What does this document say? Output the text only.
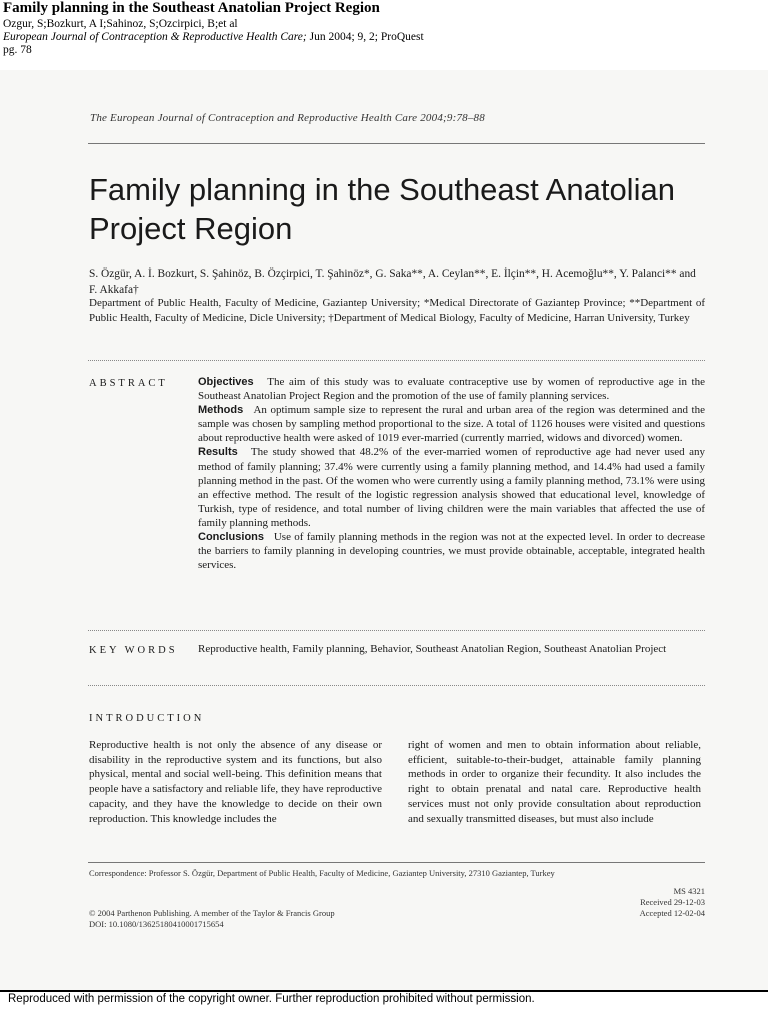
Family planning in the Southeast Anatolian Project Region
Ozgur, S;Bozkurt, A I;Sahinoz, S;Ozcirpici, B;et al
European Journal of Contraception & Reproductive Health Care; Jun 2004; 9, 2; ProQuest
pg. 78
The European Journal of Contraception and Reproductive Health Care 2004;9:78–88
Family planning in the Southeast Anatolian Project Region
S. Özgür, A. İ. Bozkurt, S. Şahinöz, B. Özçirpici, T. Şahinöz*, G. Saka**, A. Ceylan**, E. İlçin**, H. Acemoğlu**, Y. Palanci** and F. Akkafa†
Department of Public Health, Faculty of Medicine, Gaziantep University; *Medical Directorate of Gaziantep Province; **Department of Public Health, Faculty of Medicine, Dicle University; †Department of Medical Biology, Faculty of Medicine, Harran University, Turkey
ABSTRACT	Objectives The aim of this study was to evaluate contraceptive use by women of reproductive age in the Southeast Anatolian Project Region and the promotion of the use of family planning services.

Methods An optimum sample size to represent the rural and urban area of the region was determined and the sample was chosen by sampling method proportional to the size. A total of 1126 houses were visited and questions about reproductive health were asked of 1019 ever-married (currently married, widows and divorced) women.

Results The study showed that 48.2% of the ever-married women of reproductive age had never used any method of family planning; 37.4% were currently using a family planning method, and 14.4% had used a family planning method in the past. Of the women who were currently using a family planning method, 73.1% were using an effective method. The result of the logistic regression analysis showed that educational level, knowledge of Turkish, type of residence, and total number of living children were the main variables that affected the use of family planning methods.

Conclusions Use of family planning methods in the region was not at the expected level. In order to decrease the barriers to family planning in developing countries, we must provide obtainable, acceptable, integrated health services.

KEY WORDS Reproductive health, Family planning, Behavior, Southeast Anatolian Region, Southeast Anatolian Project
INTRODUCTION
Reproductive health is not only the absence of any disease or disability in the reproductive system and its functions, but also physical, mental and social well-being. This definition means that people have a satisfactory and reliable life, they have reproductive capacity, and they have the knowledge to decide on their own reproduction. This knowledge includes the
right of women and men to obtain information about reliable, efficient, suitable-to-their-budget, attainable family planning methods in order to organize their fecundity. It also includes the right to obtain prenatal and natal care. Reproductive health services must not only provide consultation about reproduction and sexually transmitted diseases, but must also include
Correspondence: Professor S. Özgür, Department of Public Health, Faculty of Medicine, Gaziantep University, 27310 Gaziantep, Turkey
© 2004 Parthenon Publishing. A member of the Taylor & Francis Group
DOI: 10.1080/13625180410001715654
MS 4321
Received 29-12-03
Accepted 12-02-04
Reproduced with permission of the copyright owner. Further reproduction prohibited without permission.
